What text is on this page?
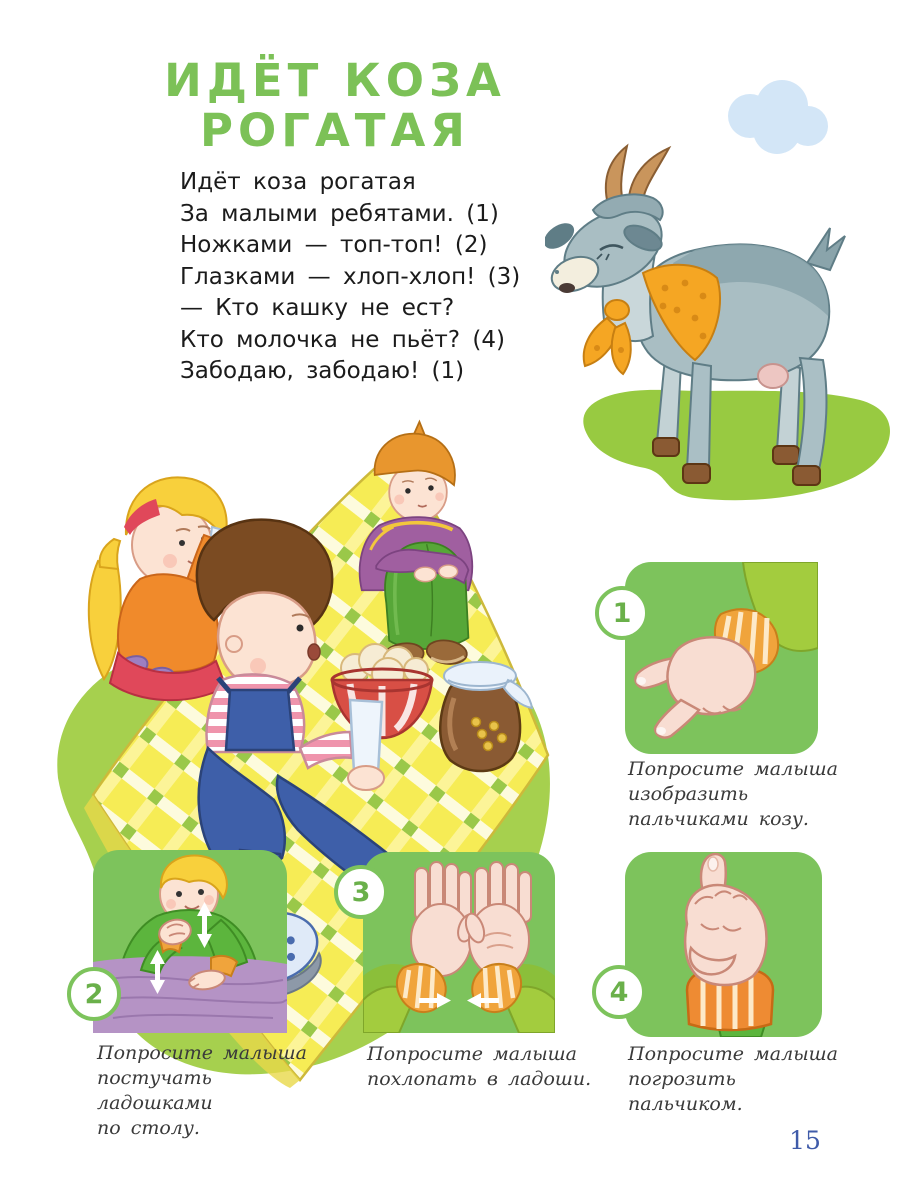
ИДЁТ КОЗА
РОГАТАЯ
Идёт коза рогатая
За малыми ребятами. (1)
Ножками — топ-топ! (2)
Глазками — хлоп-хлоп! (3)
— Кто кашку не ест?
Кто молочка не пьёт? (4)
Забодаю, забодаю! (1)
1
Попросите малыша
изобразить
пальчиками козу.
2
Попросите малыша
постучать ладошками
по столу.
3
Попросите малыша
похлопать в ладоши.
4
Попросите малыша
погрозить пальчиком.
15
